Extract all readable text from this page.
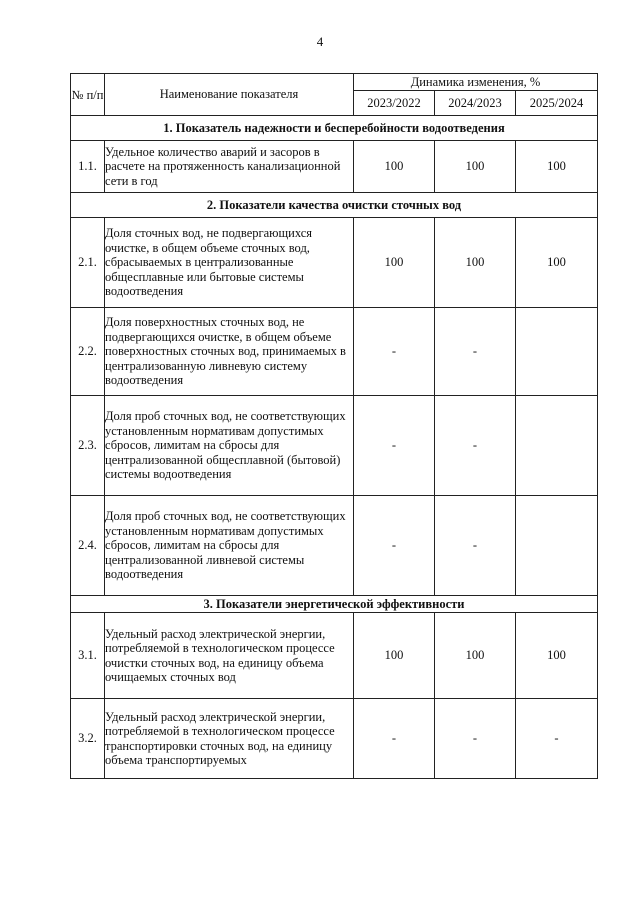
4
№ п/п	Наименование показателя	Динамика изменения, %		
		2023/2022	2024/2023	2025/2024
1. Показатель надежности и бесперебойности водоотведения				
1.1.	Удельное количество аварий и засоров в расчете на протяженность канализационной сети в год	100	100	100
2. Показатели качества очистки сточных вод				
2.1.	Доля сточных вод, не подвергающихся очистке, в общем объеме сточных вод, сбрасываемых в централизованные общесплавные или бытовые системы водоотведения	100	100	100
2.2.	Доля поверхностных сточных вод, не подвергающихся очистке, в общем объеме поверхностных сточных вод, принимаемых в централизованную ливневую систему водоотведения	-	-	
2.3.	Доля проб сточных вод, не соответствующих установленным нормативам допустимых сбросов, лимитам на сбросы для централизованной общесплавной (бытовой) системы водоотведения	-	-	
2.4.	Доля проб сточных вод, не соответствующих установленным нормативам допустимых сбросов, лимитам на сбросы для централизованной ливневой системы водоотведения	-	-	
3. Показатели энергетической эффективности				
3.1.	Удельный расход электрической энергии, потребляемой в технологическом процессе очистки сточных вод, на единицу объема очищаемых сточных вод	100	100	100
3.2.	Удельный расход электрической энергии, потребляемой в технологическом процессе транспортировки сточных вод, на единицу объема транспортируемых	-	-	-
